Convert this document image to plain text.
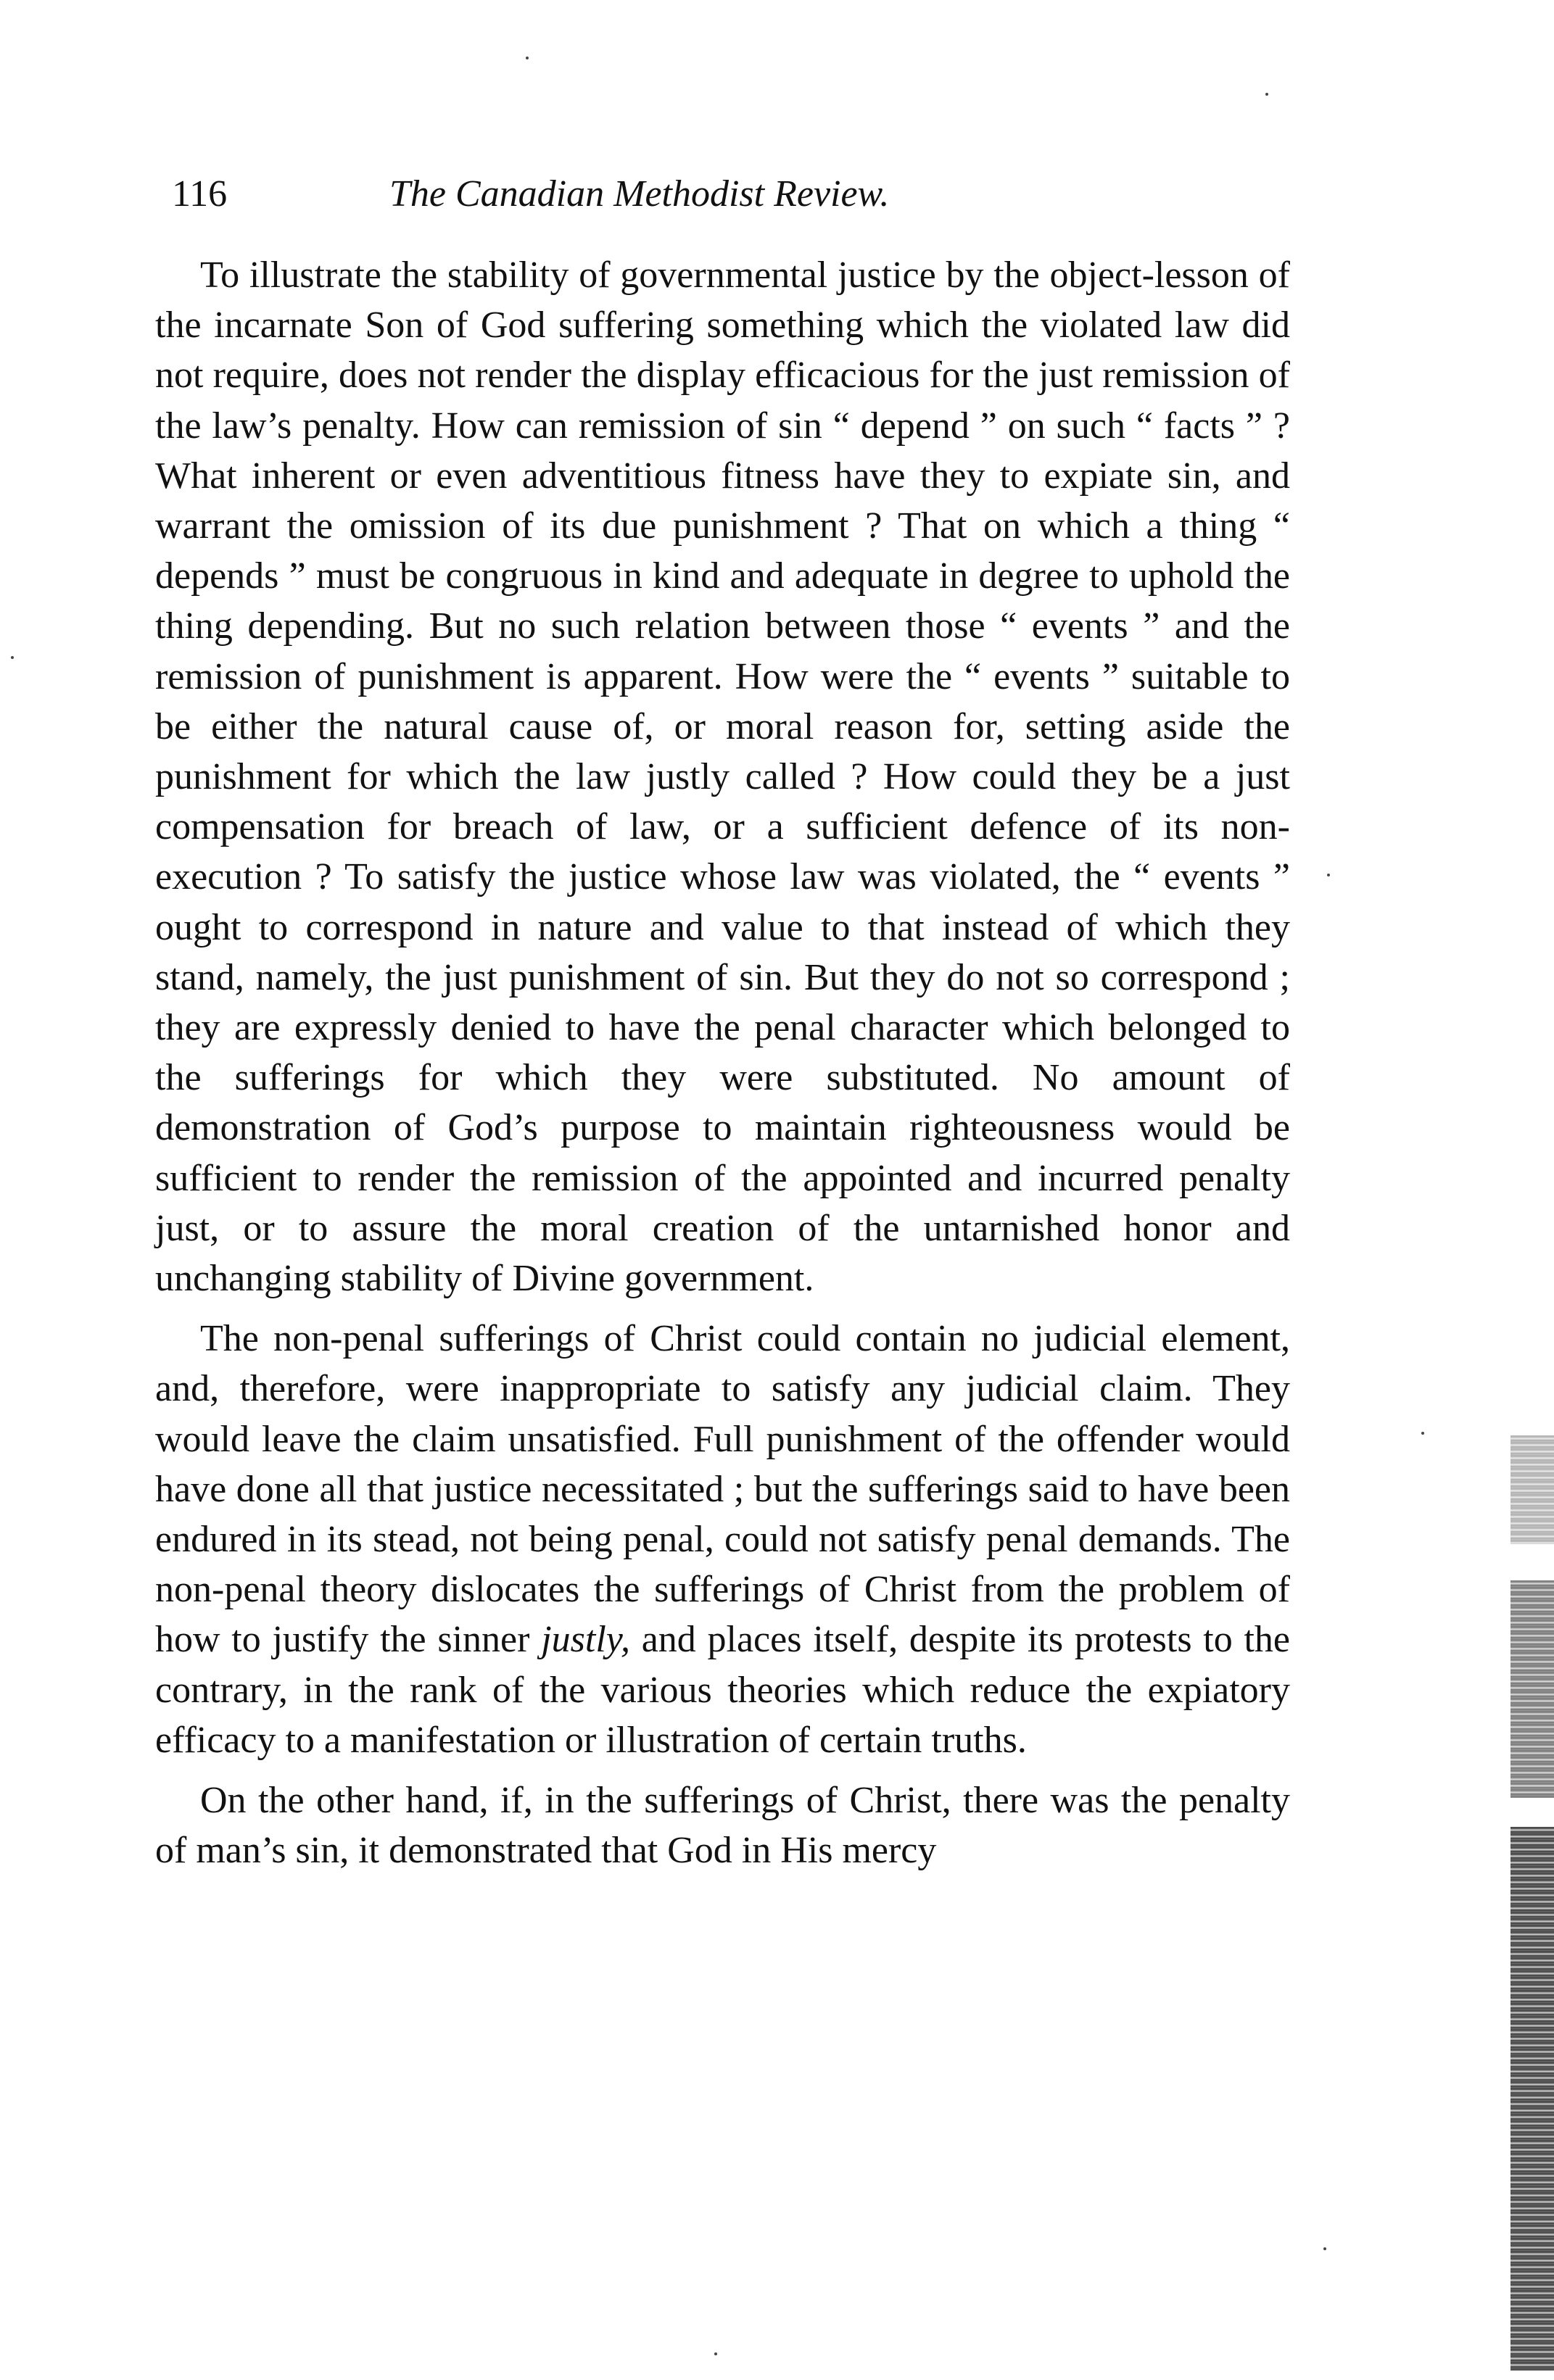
116	The Canadian Methodist Review.

To illustrate the stability of governmental justice by the object-lesson of the incarnate Son of God suffering something which the violated law did not require, does not render the display efficacious for the just remission of the law’s penalty. How can remission of sin “ depend ” on such “ facts ” ? What inherent or even adventitious fitness have they to expiate sin, and warrant the omission of its due punishment ? That on which a thing “ depends ” must be congruous in kind and adequate in degree to uphold the thing depending. But no such relation between those “ events ” and the remission of punishment is apparent. How were the “ events ” suitable to be either the natural cause of, or moral reason for, setting aside the punishment for which the law justly called ? How could they be a just compensation for breach of law, or a sufficient defence of its non-execution ? To satisfy the justice whose law was violated, the “ events ” ought to correspond in nature and value to that instead of which they stand, namely, the just punishment of sin. But they do not so correspond ; they are expressly denied to have the penal character which belonged to the sufferings for which they were substituted. No amount of demonstration of God’s purpose to maintain righteousness would be sufficient to render the remission of the appointed and incurred penalty just, or to assure the moral creation of the untarnished honor and unchanging stability of Divine government.

The non-penal sufferings of Christ could contain no judicial element, and, therefore, were inappropriate to satisfy any judicial claim. They would leave the claim unsatisfied. Full punishment of the offender would have done all that justice necessitated ; but the sufferings said to have been endured in its stead, not being penal, could not satisfy penal demands. The non-penal theory dislocates the sufferings of Christ from the problem of how to justify the sinner justly, and places itself, despite its protests to the contrary, in the rank of the various theories which reduce the expiatory efficacy to a manifestation or illustration of certain truths.

On the other hand, if, in the sufferings of Christ, there was the penalty of man’s sin, it demonstrated that God in His mercy
